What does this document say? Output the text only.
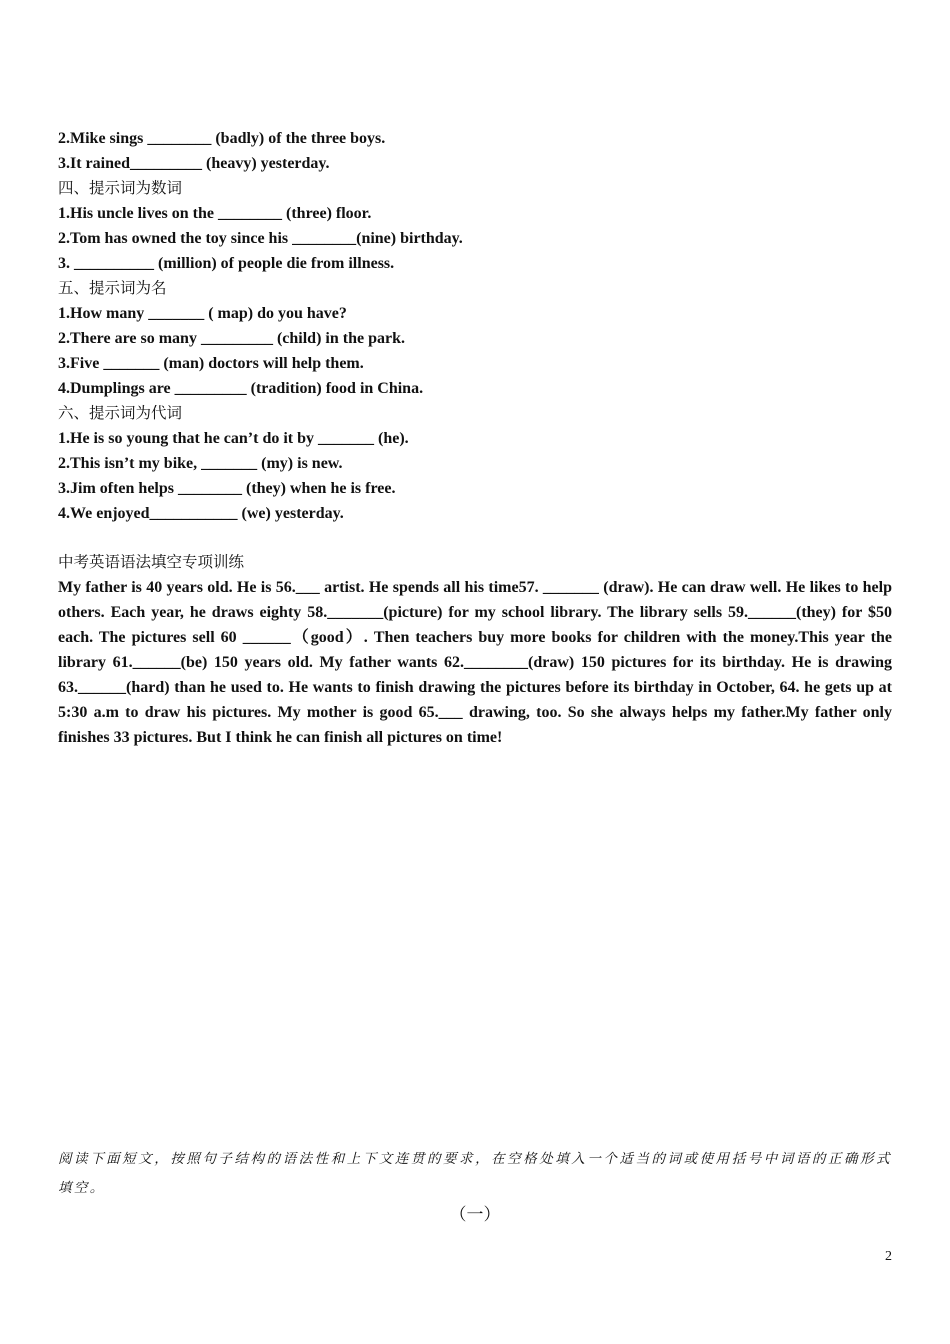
2.Mike sings ________ (badly) of the three boys.
3.It rained_________ (heavy) yesterday.
四、提示词为数词
1.His uncle lives on the ________ (three) floor.
2.Tom has owned the toy since his ________(nine) birthday.
3. __________ (million) of people die from illness.
五、提示词为名
1.How many _______ ( map) do you have?
2.There are so many _________ (child) in the park.
3.Five _______ (man) doctors will help them.
4.Dumplings are _________ (tradition) food in China.
六、提示词为代词
1.He is so young that he can’t do it by _______ (he).
2.This isn’t my bike, _______ (my) is new.
3.Jim often helps ________ (they) when he is free.
4.We enjoyed___________ (we) yesterday.
中考英语语法填空专项训练
My father is 40 years old. He is 56.___ artist. He spends all his time57. _______ (draw). He can draw well. He likes to help others. Each year, he draws eighty 58._______(picture) for my school library. The library sells 59.______(they) for $50 each. The pictures sell 60 ______（good）. Then teachers buy more books for children with the money.This year the library 61.______(be) 150 years old. My father wants 62.________(draw) 150 pictures for its birthday. He is drawing 63.______(hard) than he used to. He wants to finish drawing the pictures before its birthday in October, 64. he gets up at 5:30 a.m to draw his pictures. My mother is good 65.___ drawing, too. So she always helps my father.My father only finishes 33 pictures. But I think he can finish all pictures on time!
阅读下面短文，按照句子结构的语法性和上下文连贯的要求，在空格处填入一个适当的词或使用括号中词语的正确形式填空。
（一）
2
